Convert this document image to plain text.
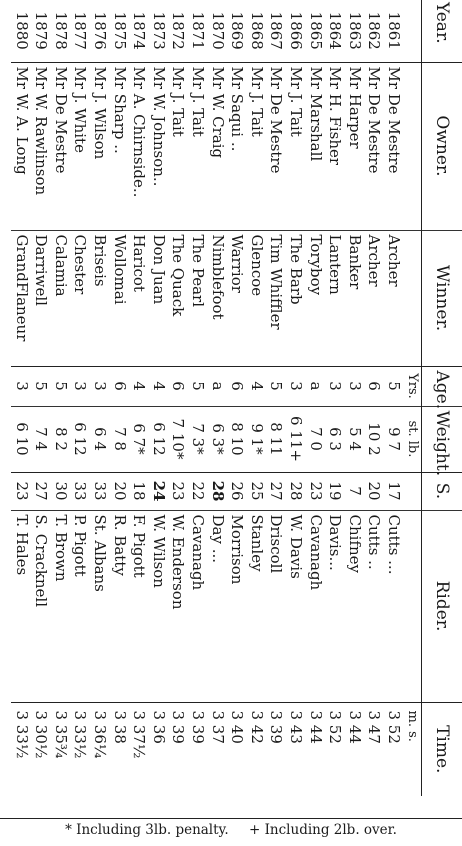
Year.	Owner.	Winner.	Age.	Weight.	S.	Rider.	Time.
			Yrs.	st. lb.			m. s.
1861	Mr De Mestre	Archer	5	9 7	17	Cutts ...	3 52
1862	Mr De Mestre	Archer	6	10 2	20	Cutts ..	3 47
1863	Mr Harper	Banker	3	5 4	7	Chifney	3 44
1864	Mr H. Fisher	Lantern	3	6 3	19	Davis...	3 52
1865	Mr Marshall	Toryboy	a	7 0	23	Cavanagh	3 44
1866	Mr J. Tait	The Barb	3	6 11+	28	W. Davis	3 43
1867	Mr De Mestre	Tim Whiffler	5	8 11	27	Driscoll	3 39
1868	Mr J. Tait	Glencoe	4	9 1*	25	Stanley	3 42
1869	Mr Saqui ..	Warrior	6	8 10	26	Morrison	3 40
1870	Mr W. Craig	Nimblefoot	a	6 3*	28	Day ...	3 37
1871	Mr J. Tait	The Pearl	5	7 3*	22	Cavanagh	3 39
1872	Mr J. Tait	The Quack	6	7 10*	23	W. Enderson	3 39
1873	Mr W. Johnson..	Don Juan	4	6 12	24	W. Wilson	3 36
1874	Mr A. Chirnside..	Haricot	4	6 7*	18	F. Pigott	3 37½
1875	Mr Sharp ..	Wollomai	6	7 8	20	R. Batty	3 38
1876	Mr J. Wilson	Briseis	3	6 4	33	St. Albans	3 36¼
1877	Mr J. White	Chester	3	6 12	33	P. Pigott	3 33½
1878	Mr De Mestre	Calamia	5	8 2	30	T. Brown	3 35¾
1879	Mr W. Rawlinson	Darriwell	5	7 4	27	S. Cracknell	3 30½
1880	Mr W. A. Long	GrandFlaneur	3	6 10	23	T. Hales	3 33½
* Including 3lb. penalty. + Including 2lb. over.
